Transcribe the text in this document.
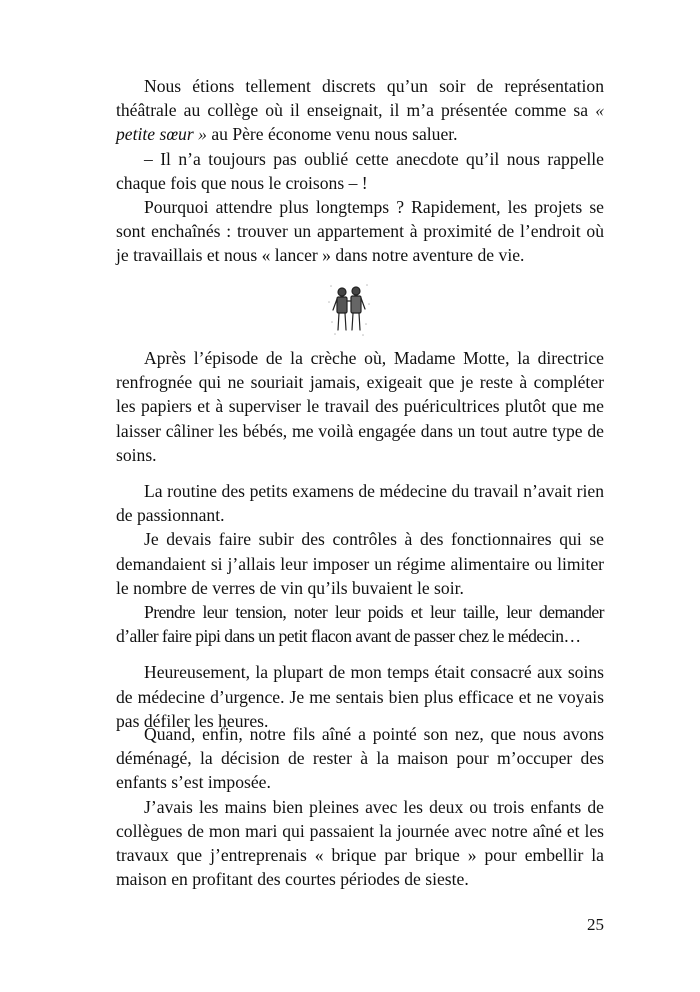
Nous étions tellement discrets qu’un soir de représentation théâtrale au collège où il enseignait, il m’a présentée comme sa « petite sœur » au Père économe venu nous saluer.

– Il n’a toujours pas oublié cette anecdote qu’il nous rappelle chaque fois que nous le croisons – !

Pourquoi attendre plus longtemps ? Rapidement, les projets se sont enchaînés : trouver un appartement à proximité de l’endroit où je travaillais et nous « lancer » dans notre aventure de vie.

Après l’épisode de la crèche où, Madame Motte, la directrice renfrognée qui ne souriait jamais, exigeait que je reste à compléter les papiers et à superviser le travail des puéricultrices plutôt que me laisser câliner les bébés, me voilà engagée dans un tout autre type de soins.

La routine des petits examens de médecine du travail n’avait rien de passionnant.

Je devais faire subir des contrôles à des fonctionnaires qui se demandaient si j’allais leur imposer un régime alimentaire ou limiter le nombre de verres de vin qu’ils buvaient le soir.

Prendre leur tension, noter leur poids et leur taille, leur demander d’aller faire pipi dans un petit flacon avant de passer chez le médecin…

Heureusement, la plupart de mon temps était consacré aux soins de médecine d’urgence. Je me sentais bien plus efficace et ne voyais pas défiler les heures.

Quand, enfin, notre fils aîné a pointé son nez, que nous avons déménagé, la décision de rester à la maison pour m’occuper des enfants s’est imposée.

J’avais les mains bien pleines avec les deux ou trois enfants de collègues de mon mari qui passaient la journée avec notre aîné et les travaux que j’entreprenais « brique par brique » pour embellir la maison en profitant des courtes périodes de sieste.

25
